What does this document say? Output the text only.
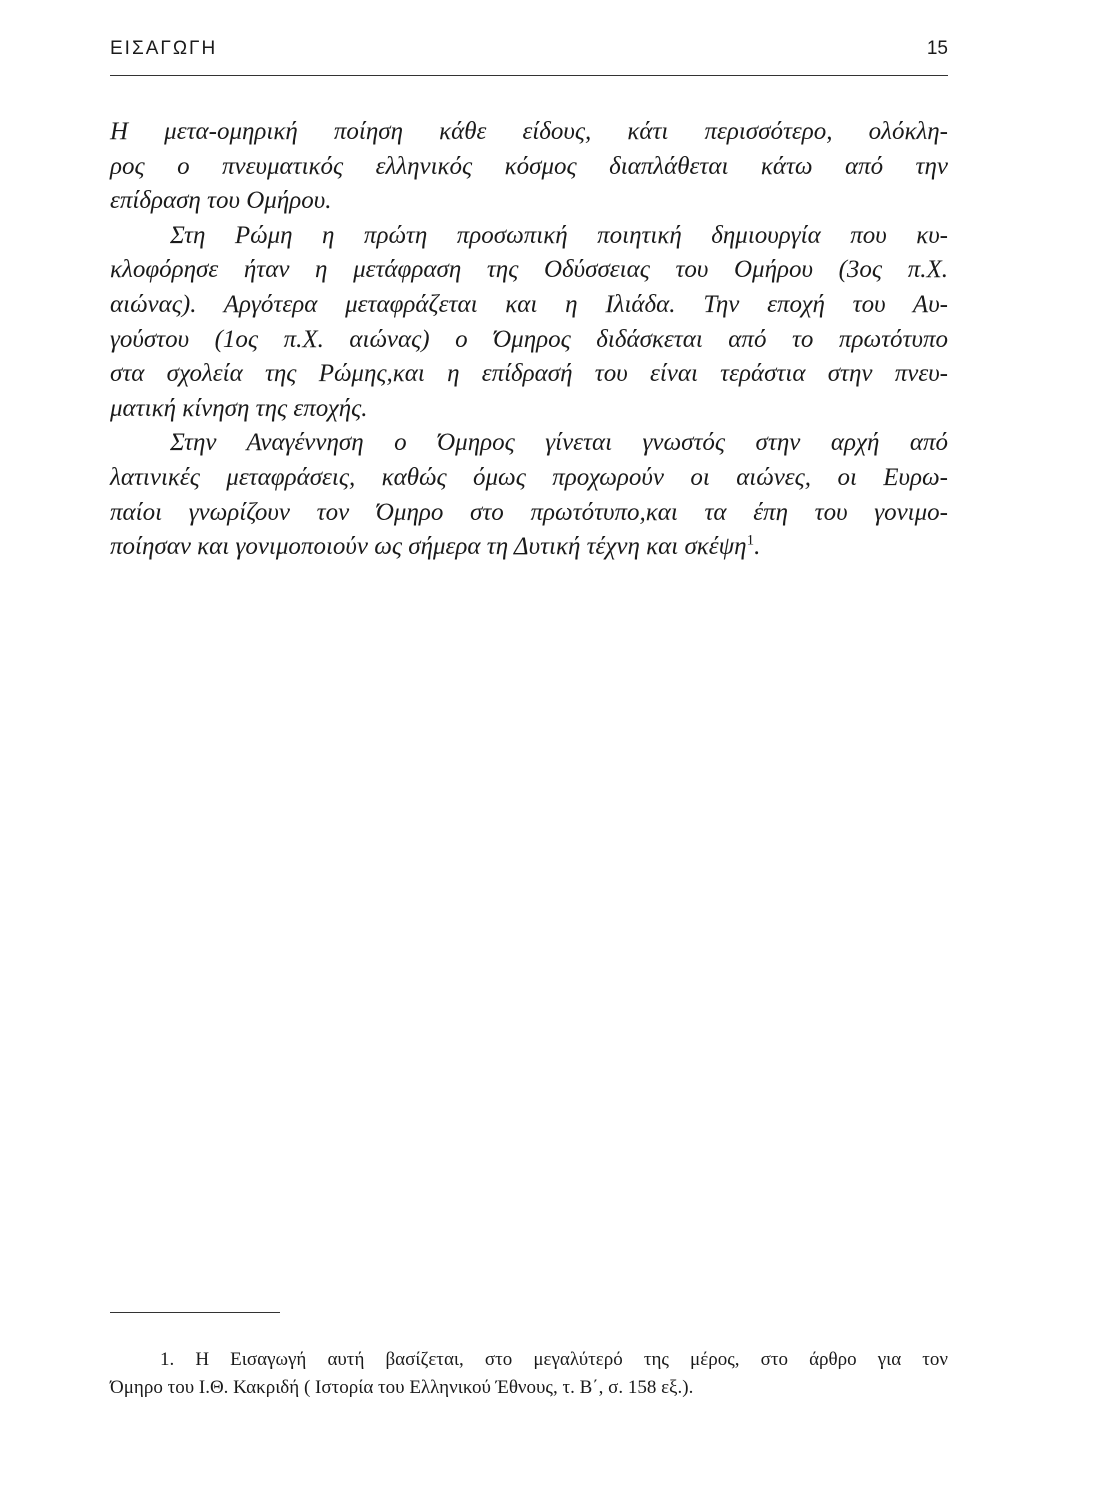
ΕΙΣΑΓΩΓΗ	15
Η μετα-ομηρική ποίηση κάθε είδους, κάτι περισσότερο, ολόκλη-
ρος ο πνευματικός ελληνικός κόσμος διαπλάθεται κάτω από την
επίδραση του Ομήρου.
Στη Ρώμη η πρώτη προσωπική ποιητική δημιουργία που κυ-
κλοφόρησε ήταν η μετάφραση της Οδύσσειας του Ομήρου (3ος π.Χ.
αιώνας). Αργότερα μεταφράζεται και η Ιλιάδα. Την εποχή του Αυ-
γούστου (1ος π.Χ. αιώνας) ο Όμηρος διδάσκεται από το πρωτότυπο
στα σχολεία της Ρώμης,και η επίδρασή του είναι τεράστια στην πνευ-
ματική κίνηση της εποχής.
Στην Αναγέννηση ο Όμηρος γίνεται γνωστός στην αρχή από
λατινικές μεταφράσεις, καθώς όμως προχωρούν οι αιώνες, οι Ευρω-
παίοι γνωρίζουν τον Όμηρο στο πρωτότυπο,και τα έπη του γονιμο-
ποίησαν και γονιμοποιούν ως σήμερα τη Δυτική τέχνη και σκέψη$^1$.
1. Η Εισαγωγή αυτή βασίζεται, στο μεγαλύτερό της μέρος, στο άρθρο για τον
Όμηρο του Ι.Θ. Κακριδή ( Ιστορία του Ελληνικού Έθνους, τ. Β΄, σ. 158 εξ.).
